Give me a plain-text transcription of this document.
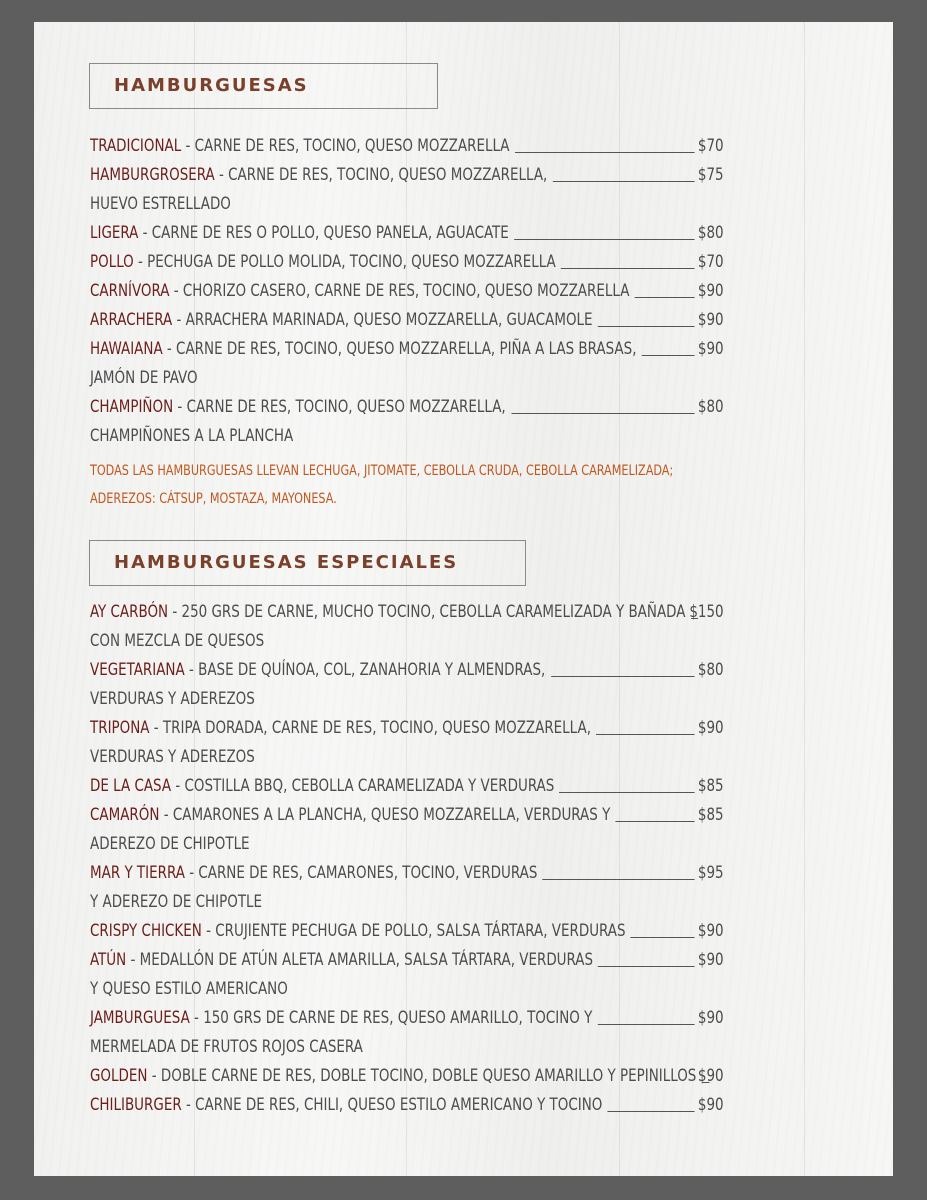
HAMBURGUESAS
TRADICIONAL - CARNE DE RES, TOCINO, QUESO MOZZARELLA	$70
HAMBURGROSERA - CARNE DE RES, TOCINO, QUESO MOZZARELLA,	$75
HUEVO ESTRELLADO
LIGERA - CARNE DE RES O POLLO, QUESO PANELA, AGUACATE	$80
POLLO - PECHUGA DE POLLO MOLIDA, TOCINO, QUESO MOZZARELLA	$70
CARNÍVORA - CHORIZO CASERO, CARNE DE RES, TOCINO, QUESO MOZZARELLA	$90
ARRACHERA - ARRACHERA MARINADA, QUESO MOZZARELLA, GUACAMOLE	$90
HAWAIANA - CARNE DE RES, TOCINO, QUESO MOZZARELLA, PIÑA A LAS BRASAS,	$90
JAMÓN DE PAVO
CHAMPIÑON - CARNE DE RES, TOCINO, QUESO MOZZARELLA,	$80
CHAMPIÑONES A LA PLANCHA
TODAS LAS HAMBURGUESAS LLEVAN LECHUGA, JITOMATE, CEBOLLA CRUDA, CEBOLLA CARAMELIZADA;
ADEREZOS: CÁTSUP, MOSTAZA, MAYONESA.
HAMBURGUESAS ESPECIALES
AY CARBÓN - 250 GRS DE CARNE, MUCHO TOCINO, CEBOLLA CARAMELIZADA Y BAÑADA $150
CON MEZCLA DE QUESOS
VEGETARIANA - BASE DE QUÍNOA, COL, ZANAHORIA Y ALMENDRAS,	$80
VERDURAS Y ADEREZOS
TRIPONA - TRIPA DORADA, CARNE DE RES, TOCINO, QUESO MOZZARELLA,	$90
VERDURAS Y ADEREZOS
DE LA CASA - COSTILLA BBQ, CEBOLLA CARAMELIZADA Y VERDURAS	$85
CAMARÓN - CAMARONES A LA PLANCHA, QUESO MOZZARELLA, VERDURAS Y	$85
ADEREZO DE CHIPOTLE
MAR Y TIERRA - CARNE DE RES, CAMARONES, TOCINO, VERDURAS	$95
Y ADEREZO DE CHIPOTLE
CRISPY CHICKEN - CRUJIENTE PECHUGA DE POLLO, SALSA TÁRTARA, VERDURAS	$90
ATÚN - MEDALLÓN DE ATÚN ALETA AMARILLA, SALSA TÁRTARA, VERDURAS	$90
Y QUESO ESTILO AMERICANO
JAMBURGUESA - 150 GRS DE CARNE DE RES, QUESO AMARILLO, TOCINO Y	$90
MERMELADA DE FRUTOS ROJOS CASERA
GOLDEN - DOBLE CARNE DE RES, DOBLE TOCINO, DOBLE QUESO AMARILLO Y PEPINILLOS $90
CHILIBURGER - CARNE DE RES, CHILI, QUESO ESTILO AMERICANO Y TOCINO	$90
